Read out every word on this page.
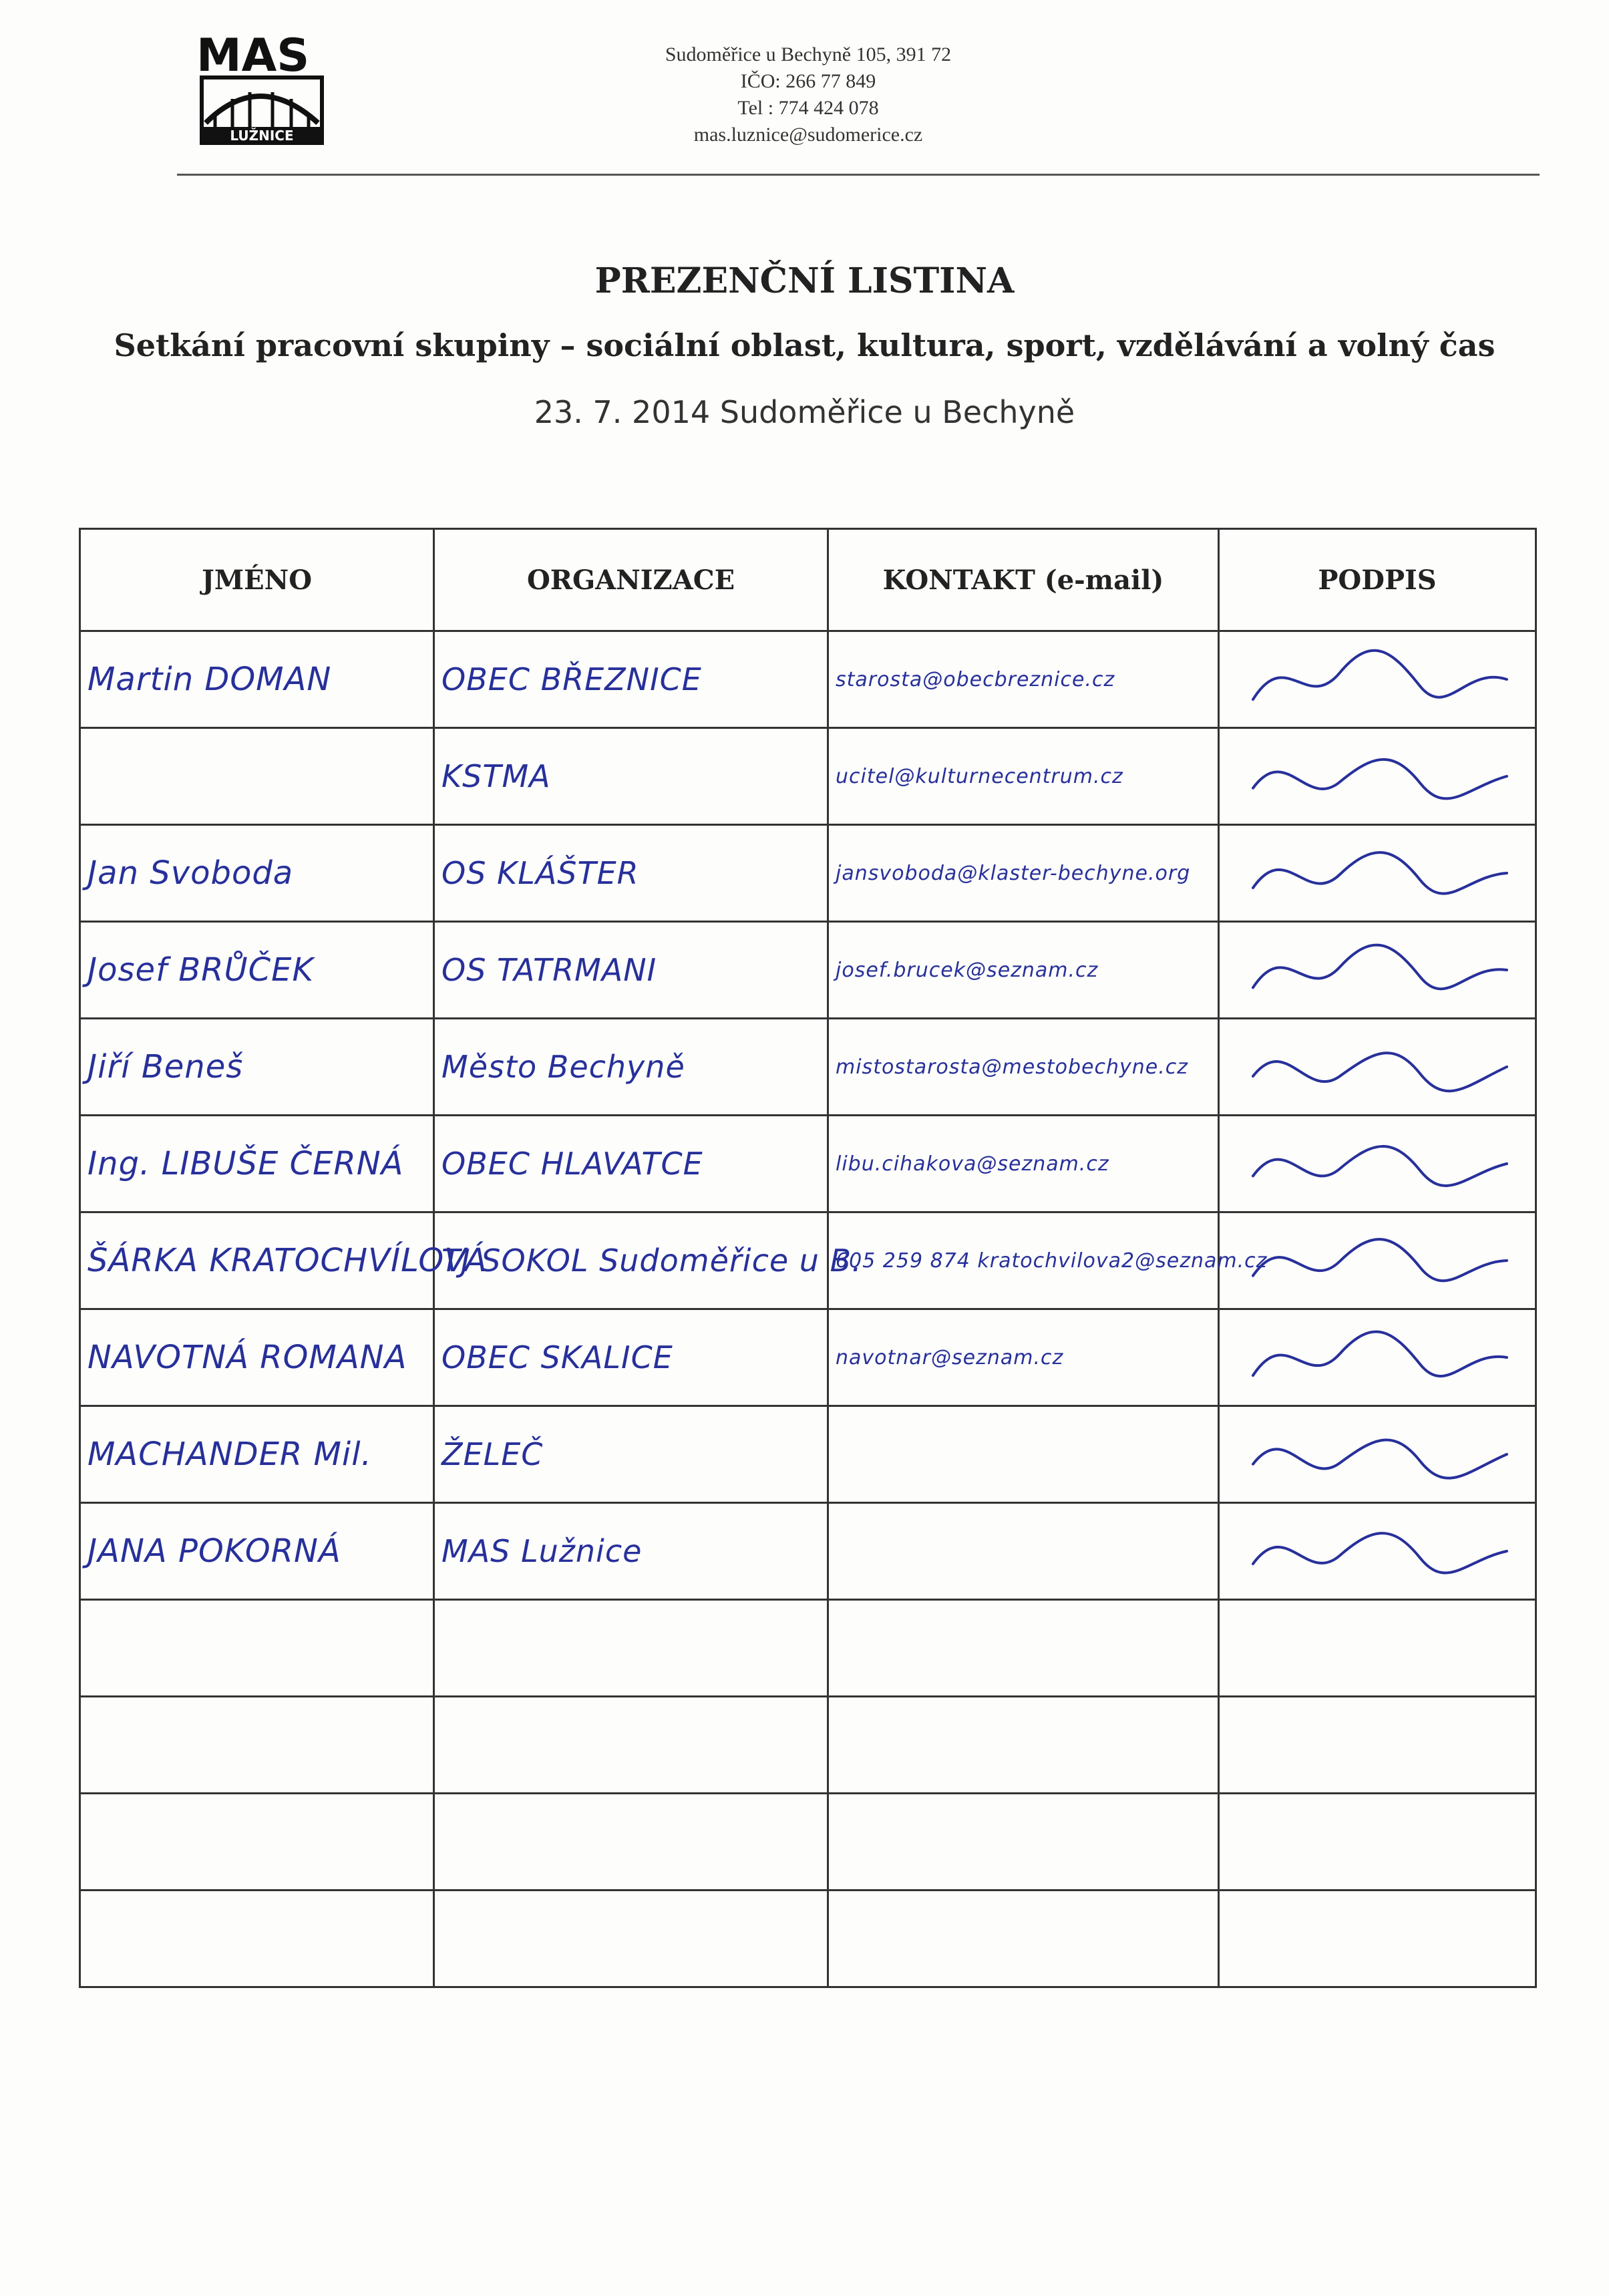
MAS
LUŽNICE
Sudoměřice u Bechyně 105, 391 72
IČO: 266 77 849
Tel : 774 424 078
mas.luznice@sudomerice.cz
PREZENČNÍ LISTINA
Setkání pracovní skupiny – sociální oblast, kultura, sport, vzdělávání a volný čas
23. 7. 2014 Sudoměřice u Bechyně
JMÉNO	ORGANIZACE	KONTAKT (e-mail)	PODPIS
Martin DOMAN	OBEC BŘEZNICE	starosta@obecbreznice.cz	

	KSTMA	ucitel@kulturnecentrum.cz	

Jan Svoboda	OS KLÁŠTER	jansvoboda@klaster-bechyne.org	

Josef BRŮČEK	OS TATRMANI	josef.brucek@seznam.cz	

Jiří Beneš	Město Bechyně	mistostarosta@mestobechyne.cz	

Ing. LIBUŠE ČERNÁ	OBEC HLAVATCE	libu.cihakova@seznam.cz	

ŠÁRKA KRATOCHVÍLOVÁ	TJ SOKOL Sudoměřice u B.	605 259 874 kratochvilova2@seznam.cz	

NAVOTNÁ ROMANA	OBEC SKALICE	navotnar@seznam.cz	

MACHANDER Mil.	ŽELEČ		

JANA POKORNÁ	MAS Lužnice		
